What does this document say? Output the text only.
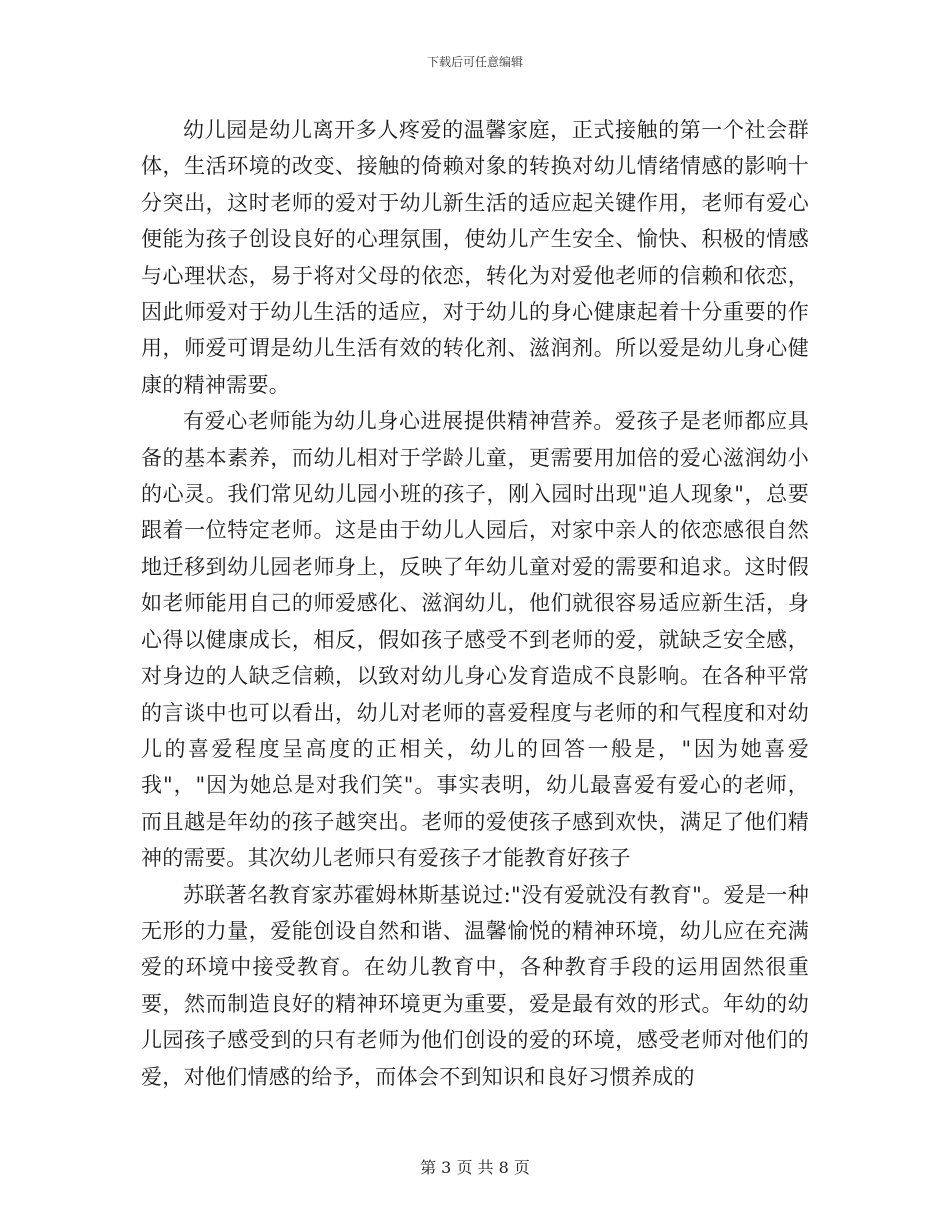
下载后可任意编辑

幼儿园是幼儿离开多人疼爱的温馨家庭，正式接触的第一个社会群体，生活环境的改变、接触的倚赖对象的转换对幼儿情绪情感的影响十分突出，这时老师的爱对于幼儿新生活的适应起关键作用，老师有爱心便能为孩子创设良好的心理氛围，使幼儿产生安全、愉快、积极的情感与心理状态，易于将对父母的依恋，转化为对爱他老师的信赖和依恋，因此师爱对于幼儿生活的适应，对于幼儿的身心健康起着十分重要的作用，师爱可谓是幼儿生活有效的转化剂、滋润剂。所以爱是幼儿身心健康的精神需要。

有爱心老师能为幼儿身心进展提供精神营养。爱孩子是老师都应具备的基本素养，而幼儿相对于学龄儿童，更需要用加倍的爱心滋润幼小的心灵。我们常见幼儿园小班的孩子，刚入园时出现"追人现象"，总要跟着一位特定老师。这是由于幼儿人园后，对家中亲人的依恋感很自然地迁移到幼儿园老师身上，反映了年幼儿童对爱的需要和追求。这时假如老师能用自己的师爱感化、滋润幼儿，他们就很容易适应新生活，身心得以健康成长，相反，假如孩子感受不到老师的爱，就缺乏安全感，对身边的人缺乏信赖，以致对幼儿身心发育造成不良影响。在各种平常的言谈中也可以看出，幼儿对老师的喜爱程度与老师的和气程度和对幼儿的喜爱程度呈高度的正相关，幼儿的回答一般是，"因为她喜爱我"，"因为她总是对我们笑"。事实表明，幼儿最喜爱有爱心的老师，而且越是年幼的孩子越突出。老师的爱使孩子感到欢快，满足了他们精神的需要。其次幼儿老师只有爱孩子才能教育好孩子

苏联著名教育家苏霍姆林斯基说过:"没有爱就没有教育"。爱是一种无形的力量，爱能创设自然和谐、温馨愉悦的精神环境，幼儿应在充满爱的环境中接受教育。在幼儿教育中，各种教育手段的运用固然很重要，然而制造良好的精神环境更为重要，爱是最有效的形式。年幼的幼儿园孩子感受到的只有老师为他们创设的爱的环境，感受老师对他们的爱，对他们情感的给予，而体会不到知识和良好习惯养成的

第 3 页 共 8 页
